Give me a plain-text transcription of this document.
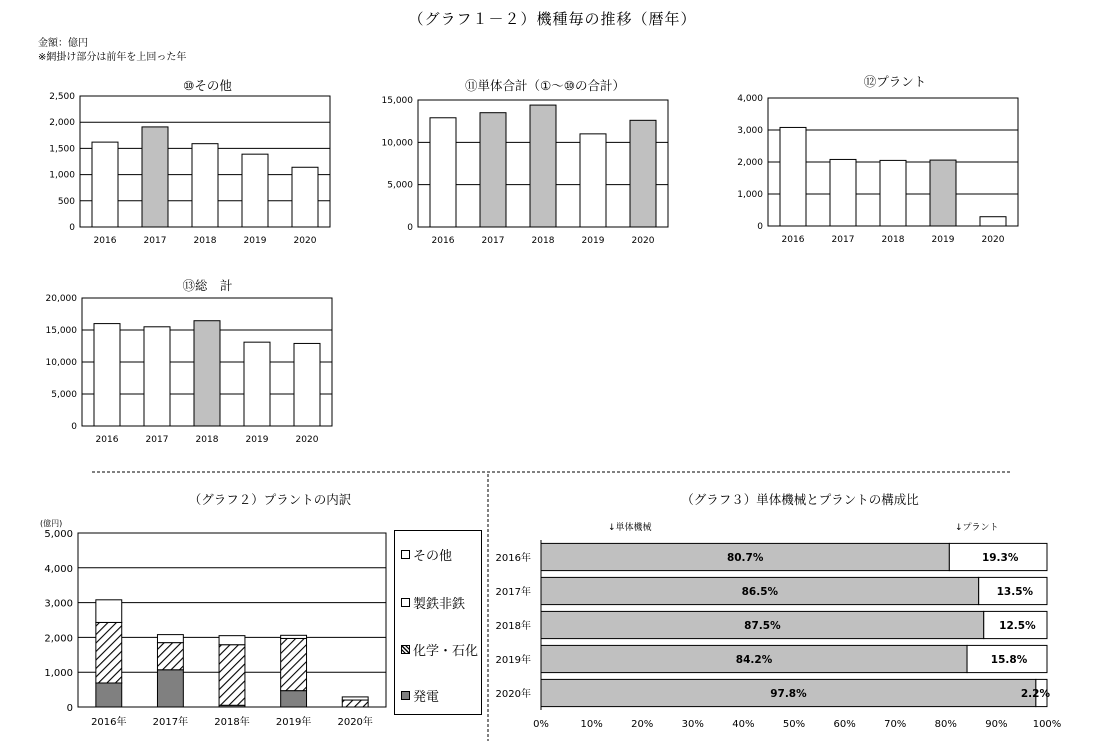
（グラフ１－２）機種毎の推移（暦年）
金額：億円
※網掛け部分は前年を上回った年
⑩その他	⑪単体合計（①～⑩の合計）	⑫プラント
⑬総　計
0
500
1,000
1,500
2,000
2,500
2016	2017	2018	2019	2020
0
5,000
10,000
15,000
2016	2017	2018	2019	2020
0
1,000
2,000
3,000
4,000
2016	2017	2018	2019	2020
0
5,000
10,000
15,000
20,000
2016	2017	2018	2019	2020
0
1,000
2,000
3,000
4,000
5,000
2016年	2017年	2018年	2019年	2020年	0%	10%	20%	30%	40%	50%	60%	70%	80%	90%	100%
80.7%	19.3%
2016年
86.5%	13.5%
2017年
87.5%	12.5%
2018年
84.2%	15.8%
2019年
97.8%	2.2%
2020年
（グラフ２）プラントの内訳
(億円)
その他
製鉄非鉄
化学・石化
発電
（グラフ３）単体機械とプラントの構成比
↓単体機械	↓プラント
